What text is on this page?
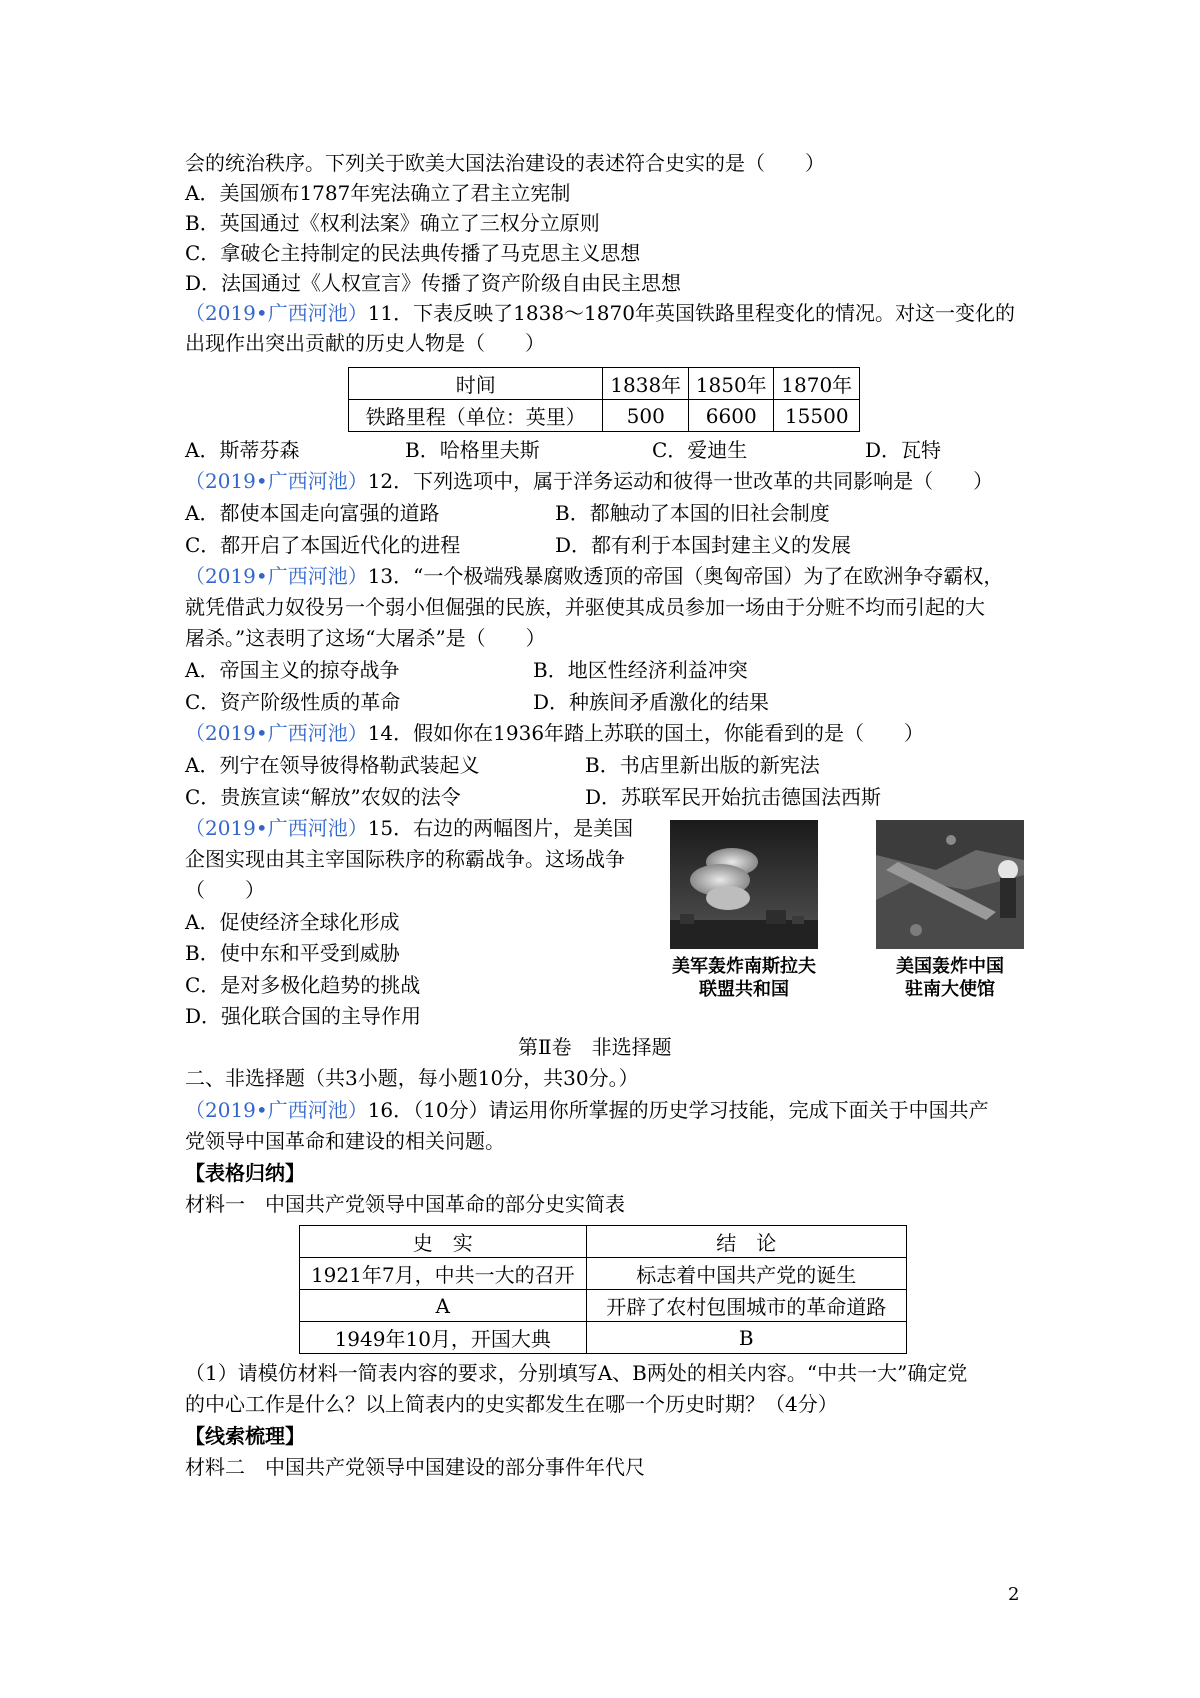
会的统治秩序。下列关于欧美大国法治建设的表述符合史实的是（　　）
A．美国颁布1787年宪法确立了君主立宪制
B．英国通过《权利法案》确立了三权分立原则
C．拿破仑主持制定的民法典传播了马克思主义思想
D．法国通过《人权宣言》传播了资产阶级自由民主思想
（2019•广西河池）11．下表反映了1838～1870年英国铁路里程变化的情况。对这一变化的
出现作出突出贡献的历史人物是（　　）
时间	1838年	1850年	1870年
铁路里程（单位：英里）	500	6600	15500
A．斯蒂芬森	B．哈格里夫斯	C．爱迪生	D．瓦特
（2019•广西河池）12．下列选项中，属于洋务运动和彼得一世改革的共同影响是（　　）
A．都使本国走向富强的道路	B．都触动了本国的旧社会制度
C．都开启了本国近代化的进程	D．都有利于本国封建主义的发展
（2019•广西河池）13．“一个极端残暴腐败透顶的帝国（奥匈帝国）为了在欧洲争夺霸权，
就凭借武力奴役另一个弱小但倔强的民族，并驱使其成员参加一场由于分赃不均而引起的大
屠杀。”这表明了这场“大屠杀”是（　　）
A．帝国主义的掠夺战争	B．地区性经济利益冲突
C．资产阶级性质的革命	D．种族间矛盾激化的结果
（2019•广西河池）14．假如你在1936年踏上苏联的国土，你能看到的是（　　）
A．列宁在领导彼得格勒武装起义	B．书店里新出版的新宪法
C．贵族宣读“解放”农奴的法令	D．苏联军民开始抗击德国法西斯
（2019•广西河池）15．右边的两幅图片，是美国
企图实现由其主宰国际秩序的称霸战争。这场战争
（　　）
A．促使经济全球化形成
B．使中东和平受到威胁
C．是对多极化趋势的挑战
D．强化联合国的主导作用
美军轰炸南斯拉夫
联盟共和国
美国轰炸中国
驻南大使馆
第Ⅱ卷　非选择题
二、非选择题（共3小题，每小题10分，共30分。）
（2019•广西河池）16．（10分）请运用你所掌握的历史学习技能，完成下面关于中国共产
党领导中国革命和建设的相关问题。
【表格归纳】
材料一　中国共产党领导中国革命的部分史实简表
史　实	结　论
1921年7月，中共一大的召开	标志着中国共产党的诞生
A	开辟了农村包围城市的革命道路
1949年10月，开国大典	B
（1）请模仿材料一简表内容的要求，分别填写A、B两处的相关内容。“中共一大”确定党
的中心工作是什么？以上简表内的史实都发生在哪一个历史时期？（4分）
【线索梳理】
材料二　中国共产党领导中国建设的部分事件年代尺
2
